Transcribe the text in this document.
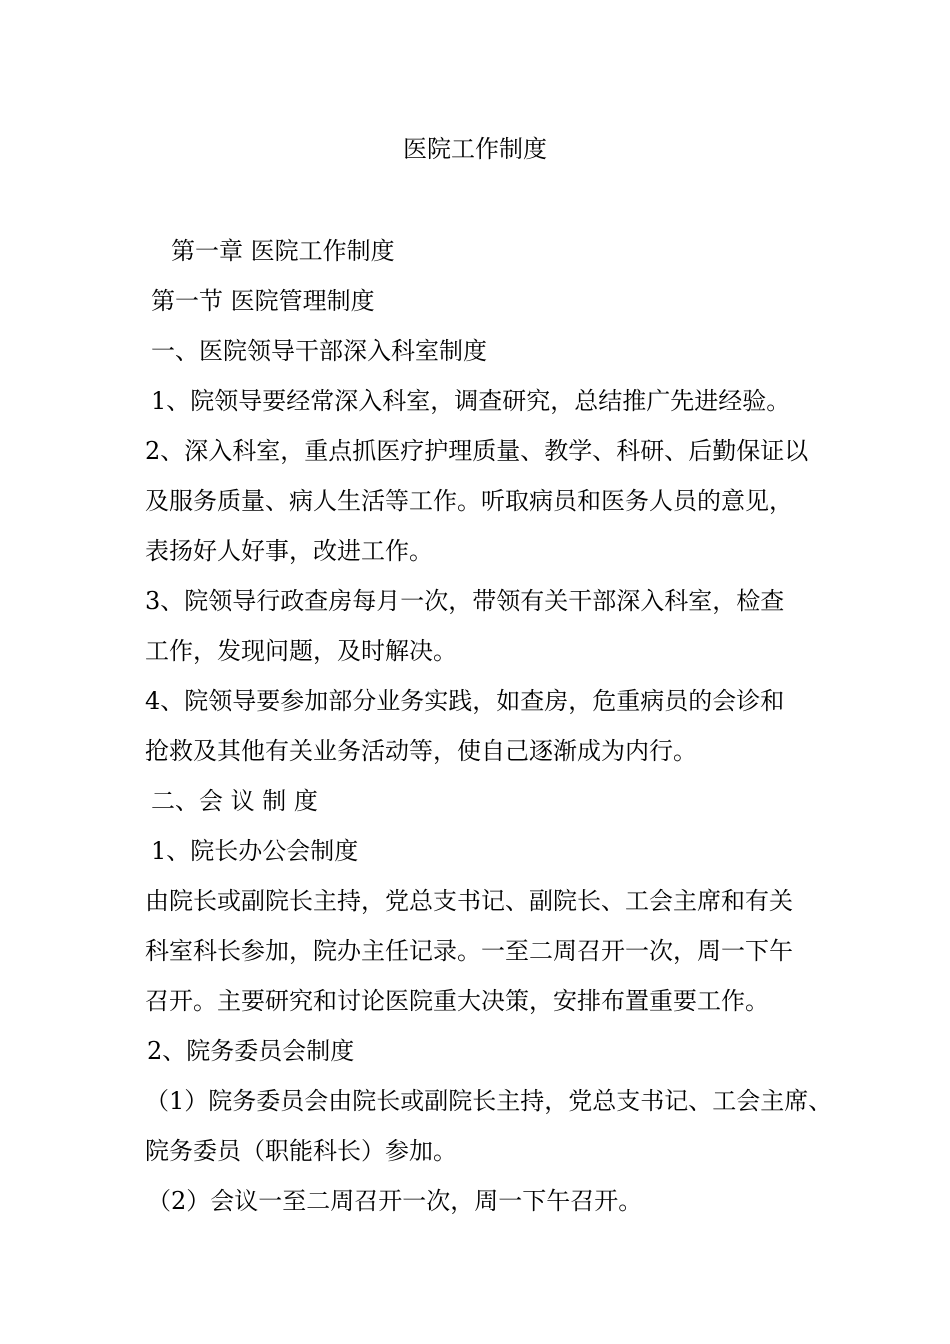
医院工作制度
第一章 医院工作制度
第一节 医院管理制度
一、医院领导干部深入科室制度
1、院领导要经常深入科室，调查研究，总结推广先进经验。
2、深入科室，重点抓医疗护理质量、教学、科研、后勤保证以
及服务质量、病人生活等工作。听取病员和医务人员的意见，
表扬好人好事，改进工作。
3、院领导行政查房每月一次，带领有关干部深入科室，检查
工作，发现问题，及时解决。
4、院领导要参加部分业务实践，如查房，危重病员的会诊和
抢救及其他有关业务活动等，使自己逐渐成为内行。
二、会 议 制 度
1、院长办公会制度
由院长或副院长主持，党总支书记、副院长、工会主席和有关
科室科长参加，院办主任记录。一至二周召开一次，周一下午
召开。主要研究和讨论医院重大决策，安排布置重要工作。
2、院务委员会制度
（1）院务委员会由院长或副院长主持，党总支书记、工会主席、
院务委员（职能科长）参加。
（2）会议一至二周召开一次，周一下午召开。
